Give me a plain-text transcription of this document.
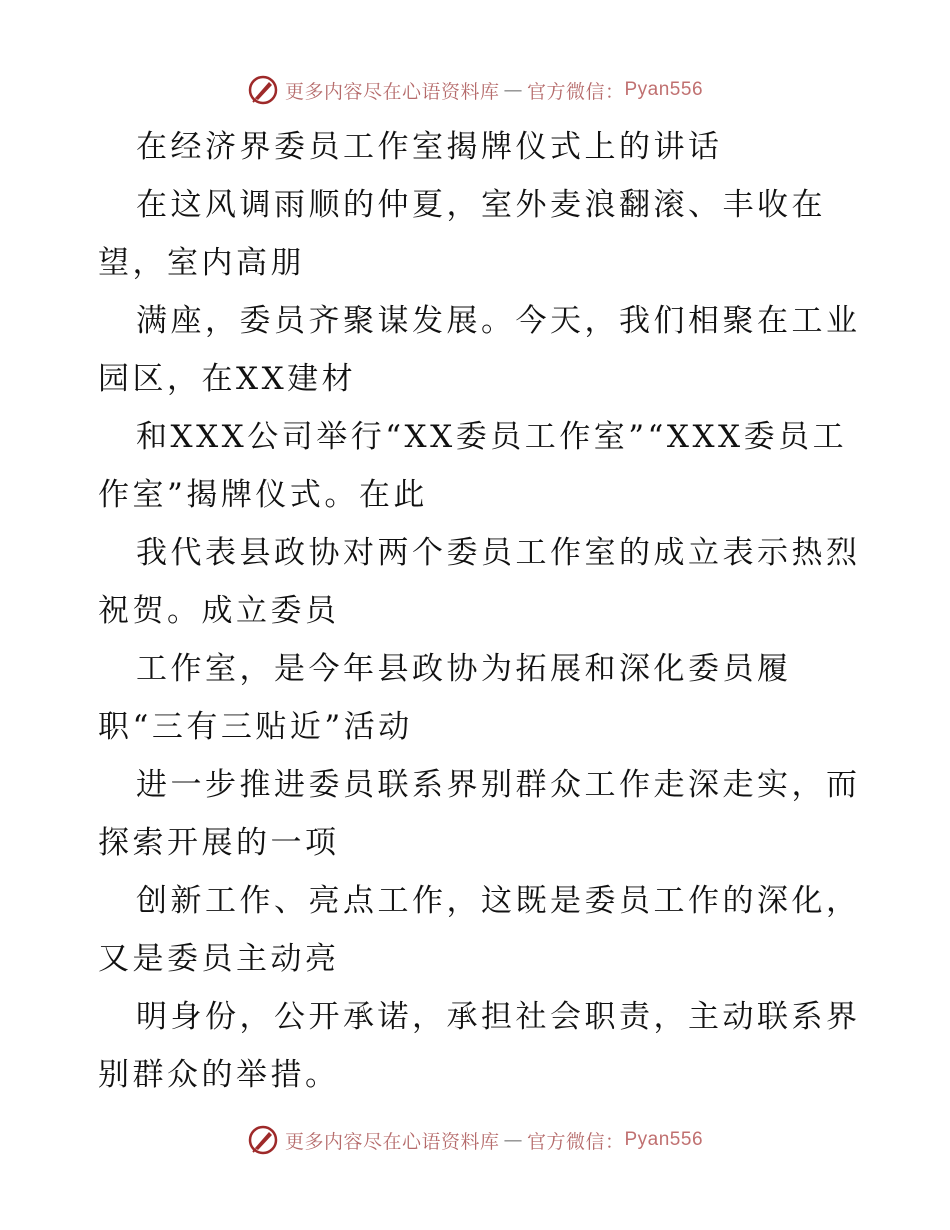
更多内容尽在心语资料库 — 官方微信： Pyan556
在经济界委员工作室揭牌仪式上的讲话
在这风调雨顺的仲夏，室外麦浪翻滚、丰收在
望，室内高朋
满座，委员齐聚谋发展。今天，我们相聚在工业
园区，在XX建材
和XXX公司举行“XX委员工作室”“XXX委员工
作室”揭牌仪式。在此
我代表县政协对两个委员工作室的成立表示热烈
祝贺。成立委员
工作室，是今年县政协为拓展和深化委员履
职“三有三贴近”活动
进一步推进委员联系界别群众工作走深走实，而
探索开展的一项
创新工作、亮点工作，这既是委员工作的深化，
又是委员主动亮
明身份，公开承诺，承担社会职责，主动联系界
别群众的举措。
更多内容尽在心语资料库 — 官方微信： Pyan556
